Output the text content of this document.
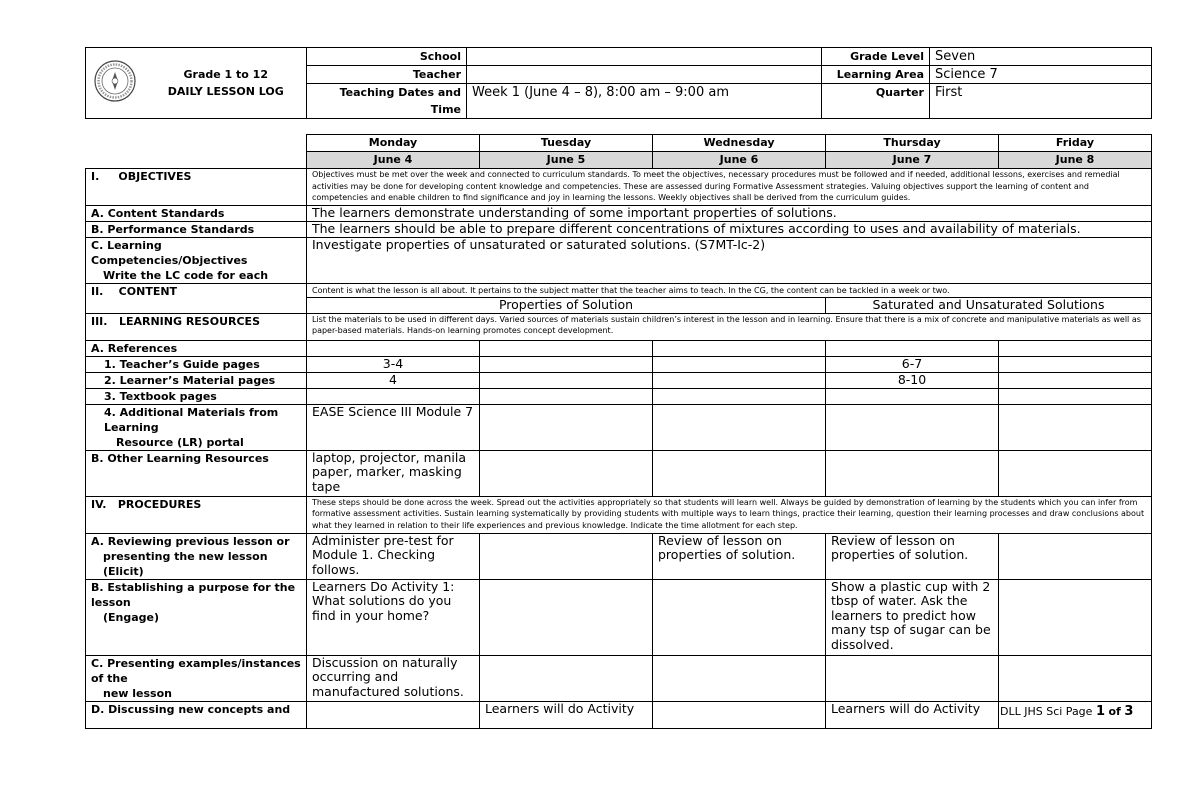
Grade 1 to 12
DAILY LESSON LOG	School		Grade Level	Seven
		Teacher		Learning Area	Science 7
		Teaching Dates and Time	Week 1 (June 4 – 8), 8:00 am – 9:00 am	Quarter	First
	Monday	Tuesday	Wednesday	Thursday	Friday
	June 4	June 5	June 6	June 7	June 8
I.     OBJECTIVES	Objectives must be met over the week and connected to curriculum standards. To meet the objectives, necessary procedures must be followed and if needed, additional lessons, exercises and remedial activities may be done for developing content knowledge and competencies. These are assessed during Formative Assessment strategies. Valuing objectives support the learning of content and competencies and enable children to find significance and joy in learning the lessons. Weekly objectives shall be derived from the curriculum guides.				
A. Content Standards	The learners demonstrate understanding of some important properties of solutions.				
B. Performance Standards	The learners should be able to prepare different concentrations of mixtures according to uses and availability of materials.				

C. Learning Competencies/Objectives
Write the LC code for each	Investigate properties of unsaturated or saturated solutions. (S7MT-Ic-2)				
II.    CONTENT	Content is what the lesson is all about. It pertains to the subject matter that the teacher aims to teach. In the CG, the content can be tackled in a week or two.				
	Properties of Solution			Saturated and Unsaturated Solutions	
III.   LEARNING RESOURCES	List the materials to be used in different days. Varied sources of materials sustain children’s interest in the lesson and in learning. Ensure that there is a mix of concrete and manipulative materials as well as paper-based materials. Hands-on learning promotes concept development.				
A. References					
1. Teacher’s Guide pages	3-4			6-7	
2. Learner’s Material pages	4			8-10	
3. Textbook pages					

4. Additional Materials from Learning
Resource (LR) portal	EASE Science III Module 7				
B. Other Learning Resources	laptop, projector, manila paper, marker, masking tape				
IV.   PROCEDURES	These steps should be done across the week. Spread out the activities appropriately so that students will learn well. Always be guided by demonstration of learning by the students which you can infer from formative assessment activities. Sustain learning systematically by providing students with multiple ways to learn things, practice their learning, question their learning processes and draw conclusions about what they learned in relation to their life experiences and previous knowledge. Indicate the time allotment for each step.				

A. Reviewing previous lesson or
presenting the new lesson (Elicit)	Administer pre-test for Module 1. Checking follows.		Review of lesson on properties of solution.	Review of lesson on properties of solution.	

B. Establishing a purpose for the lesson
(Engage)	Learners Do Activity 1: What solutions do you find in your home?			Show a plastic cup with 2 tbsp of water. Ask the learners to predict how many tsp of sugar can be dissolved.	

C. Presenting examples/instances of the
new lesson	Discussion on naturally occurring and manufactured solutions.				
D. Discussing new concepts and		Learners will do Activity		Learners will do Activity	DLL JHS Sci Page 1 of 3
